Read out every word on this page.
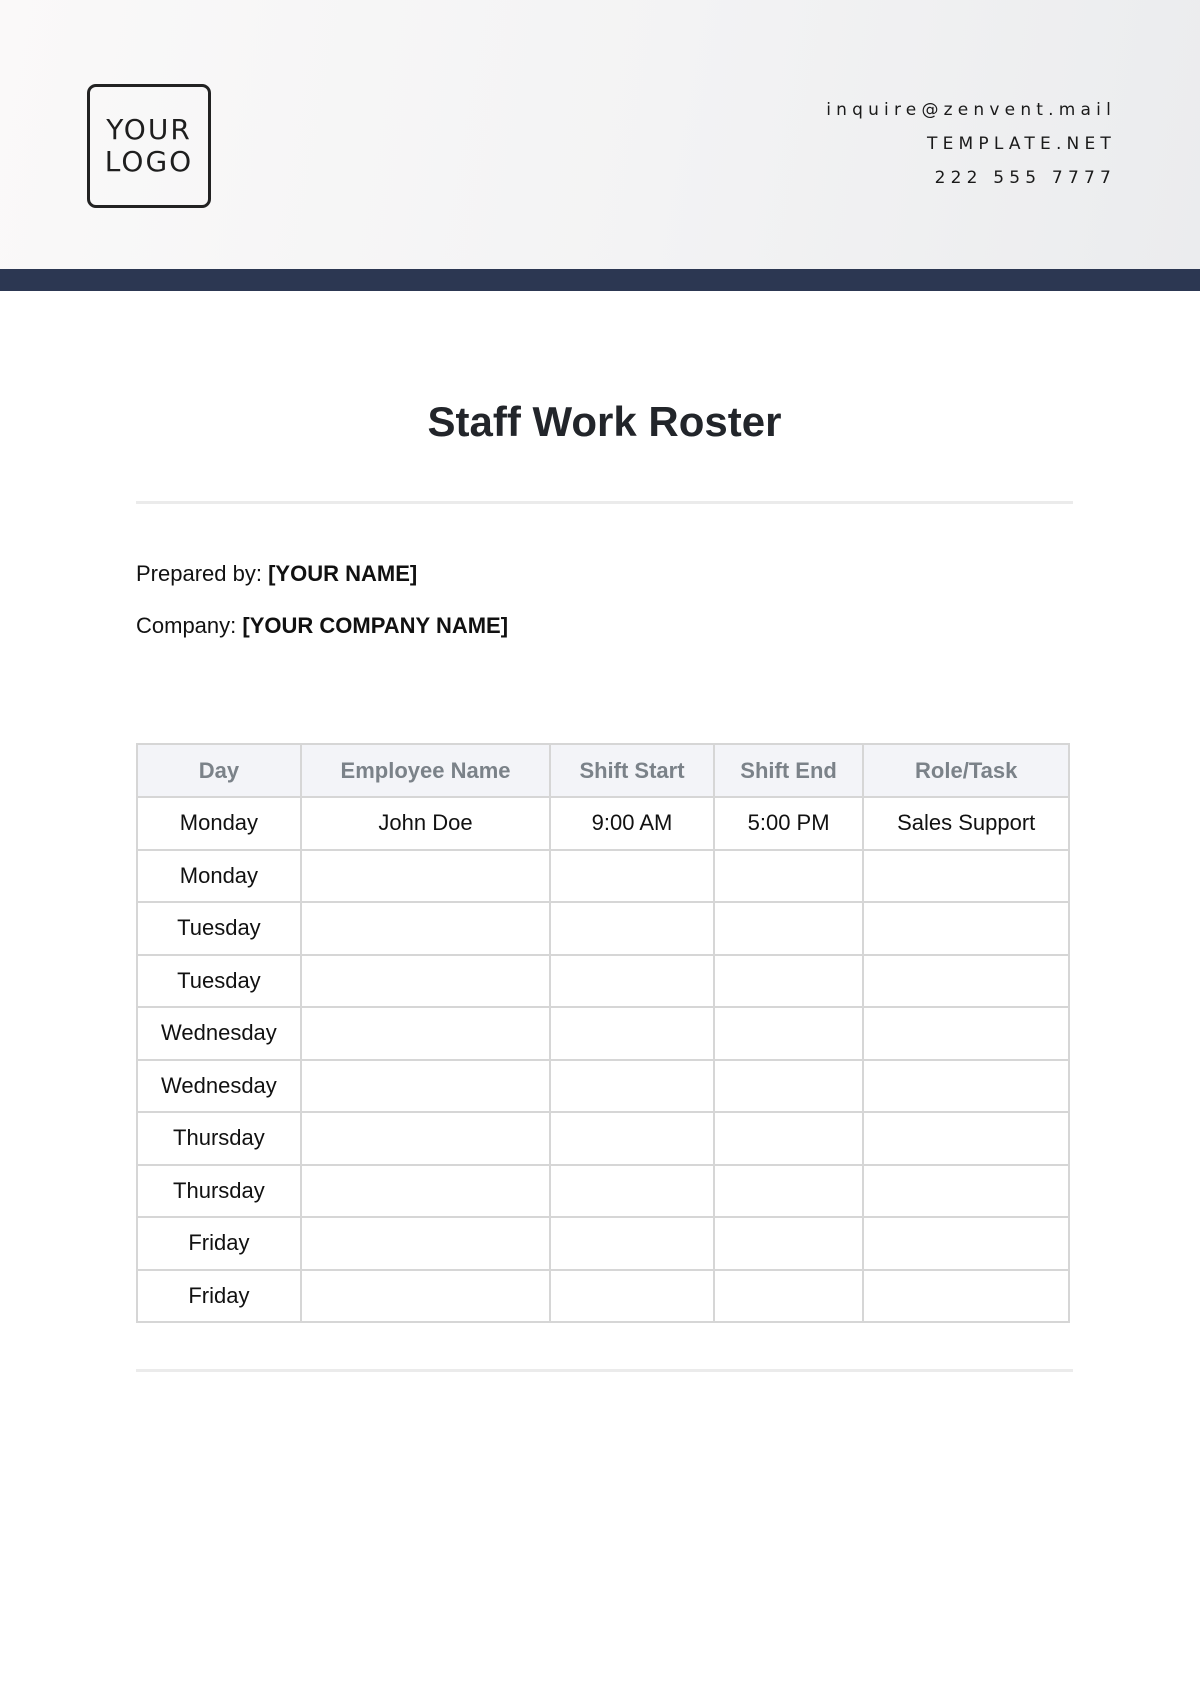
YOUR
LOGO
inquire@zenvent.mail
TEMPLATE.NET
222 555 7777
Staff Work Roster
Prepared by: [YOUR NAME]
Company: [YOUR COMPANY NAME]
Day	Employee Name	Shift Start	Shift End	Role/Task
Monday	John Doe	9:00 AM	5:00 PM	Sales Support
Monday				
Tuesday				
Tuesday				
Wednesday				
Wednesday				
Thursday				
Thursday				
Friday				
Friday				
